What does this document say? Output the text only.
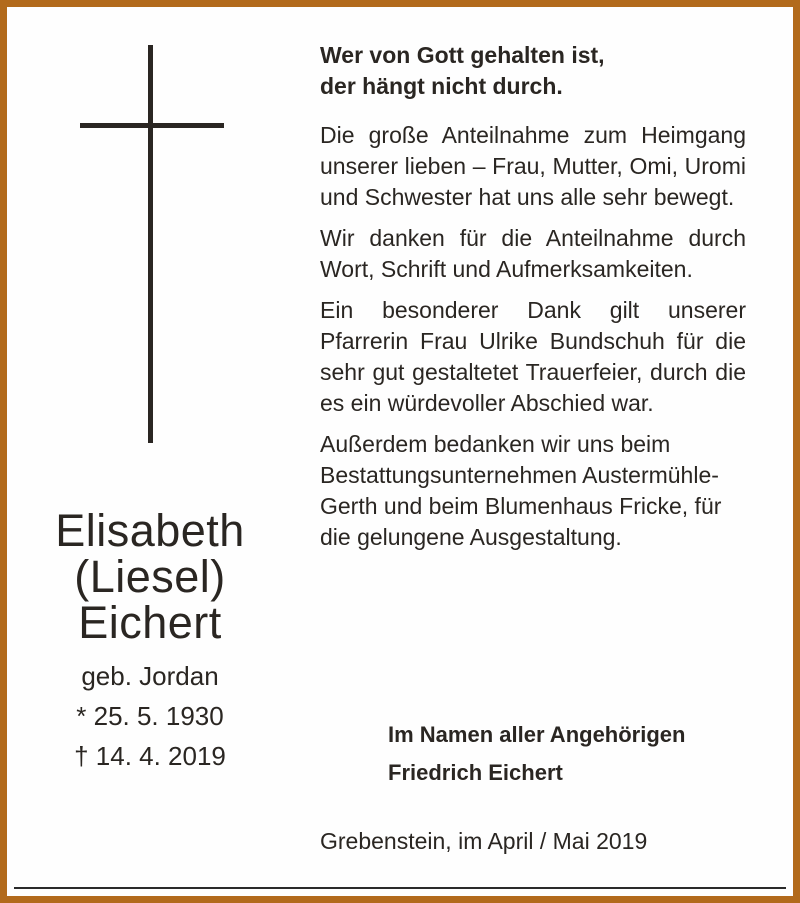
Elisabeth
(Liesel)
Eichert
geb. Jordan
* 25. 5. 1930
† 14. 4. 2019
Wer von Gott gehalten ist,
der hängt nicht durch.

Die große Anteilnahme zum Heimgang unserer lieben – Frau, Mutter, Omi, Uromi und Schwester hat uns alle sehr bewegt.

Wir danken für die Anteilnahme durch Wort, Schrift und Aufmerksamkeiten.

Ein besonderer Dank gilt unserer Pfarrerin Frau Ulrike Bundschuh für die sehr gut gestaltetet Trauerfeier, durch die es ein würdevoller Abschied war.

Außerdem bedanken wir uns beim Bestattungsunternehmen Austermühle-Gerth und beim Blumenhaus Fricke, für die gelungene Ausgestaltung.

Im Namen aller Angehörigen
Friedrich Eichert
Grebenstein, im April / Mai 2019
